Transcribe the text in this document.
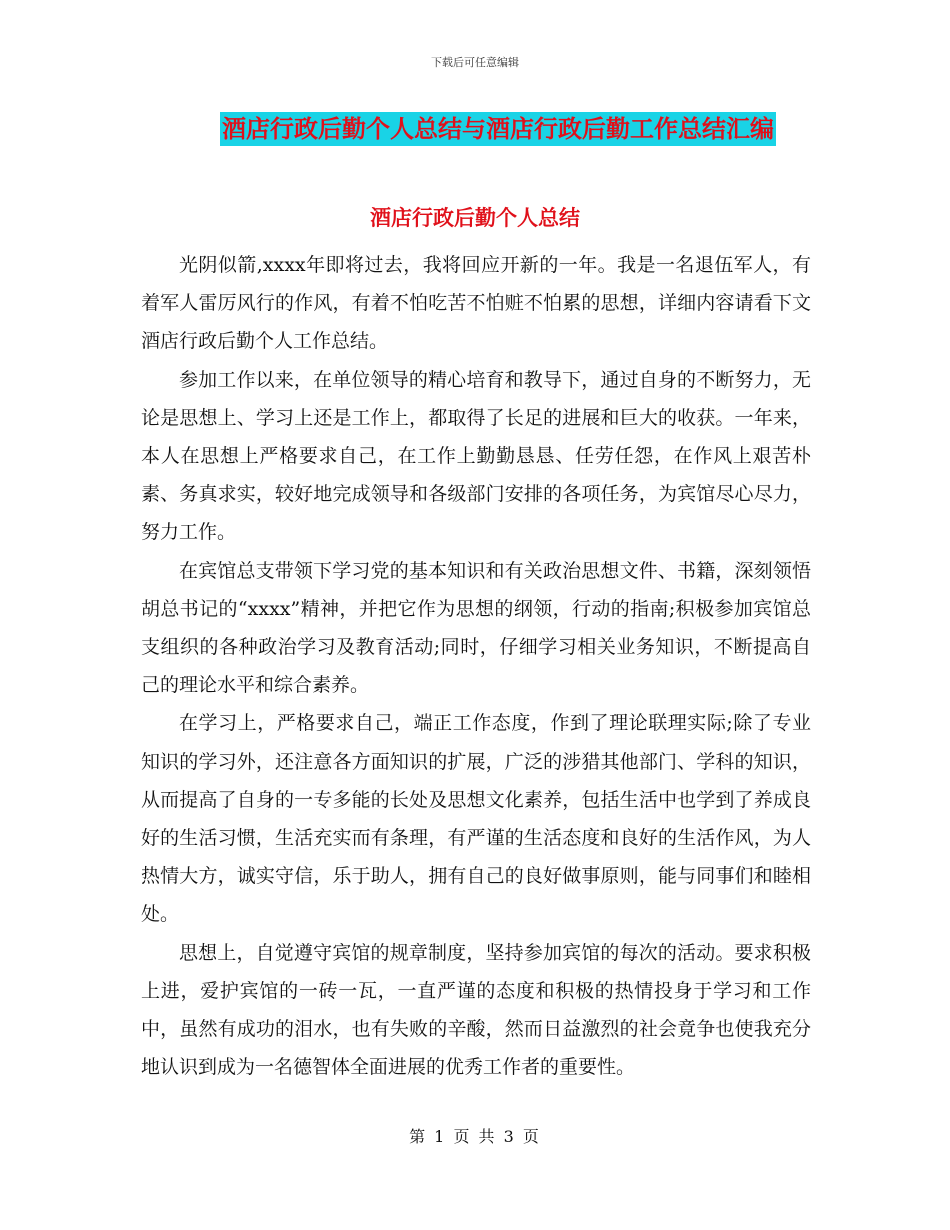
下载后可任意编辑
酒店行政后勤个人总结与酒店行政后勤工作总结汇编
酒店行政后勤个人总结

光阴似箭,xxxx年即将过去，我将回应开新的一年。我是一名退伍军人，有着军人雷厉风行的作风，有着不怕吃苦不怕赃不怕累的思想，详细内容请看下文酒店行政后勤个人工作总结。

参加工作以来，在单位领导的精心培育和教导下，通过自身的不断努力，无论是思想上、学习上还是工作上，都取得了长足的进展和巨大的收获。一年来，本人在思想上严格要求自己，在工作上勤勤恳恳、任劳任怨，在作风上艰苦朴素、务真求实，较好地完成领导和各级部门安排的各项任务，为宾馆尽心尽力，努力工作。

在宾馆总支带领下学习党的基本知识和有关政治思想文件、书籍，深刻领悟胡总书记的“xxxx”精神，并把它作为思想的纲领，行动的指南;积极参加宾馆总支组织的各种政治学习及教育活动;同时，仔细学习相关业务知识，不断提高自己的理论水平和综合素养。

在学习上，严格要求自己，端正工作态度，作到了理论联理实际;除了专业知识的学习外，还注意各方面知识的扩展，广泛的涉猎其他部门、学科的知识，从而提高了自身的一专多能的长处及思想文化素养，包括生活中也学到了养成良好的生活习惯，生活充实而有条理，有严谨的生活态度和良好的生活作风，为人热情大方，诚实守信，乐于助人，拥有自己的良好做事原则，能与同事们和睦相处。

思想上，自觉遵守宾馆的规章制度，坚持参加宾馆的每次的活动。要求积极上进，爱护宾馆的一砖一瓦，一直严谨的态度和积极的热情投身于学习和工作中，虽然有成功的泪水，也有失败的辛酸，然而日益激烈的社会竟争也使我充分地认识到成为一名德智体全面进展的优秀工作者的重要性。

第 1 页 共 3 页
